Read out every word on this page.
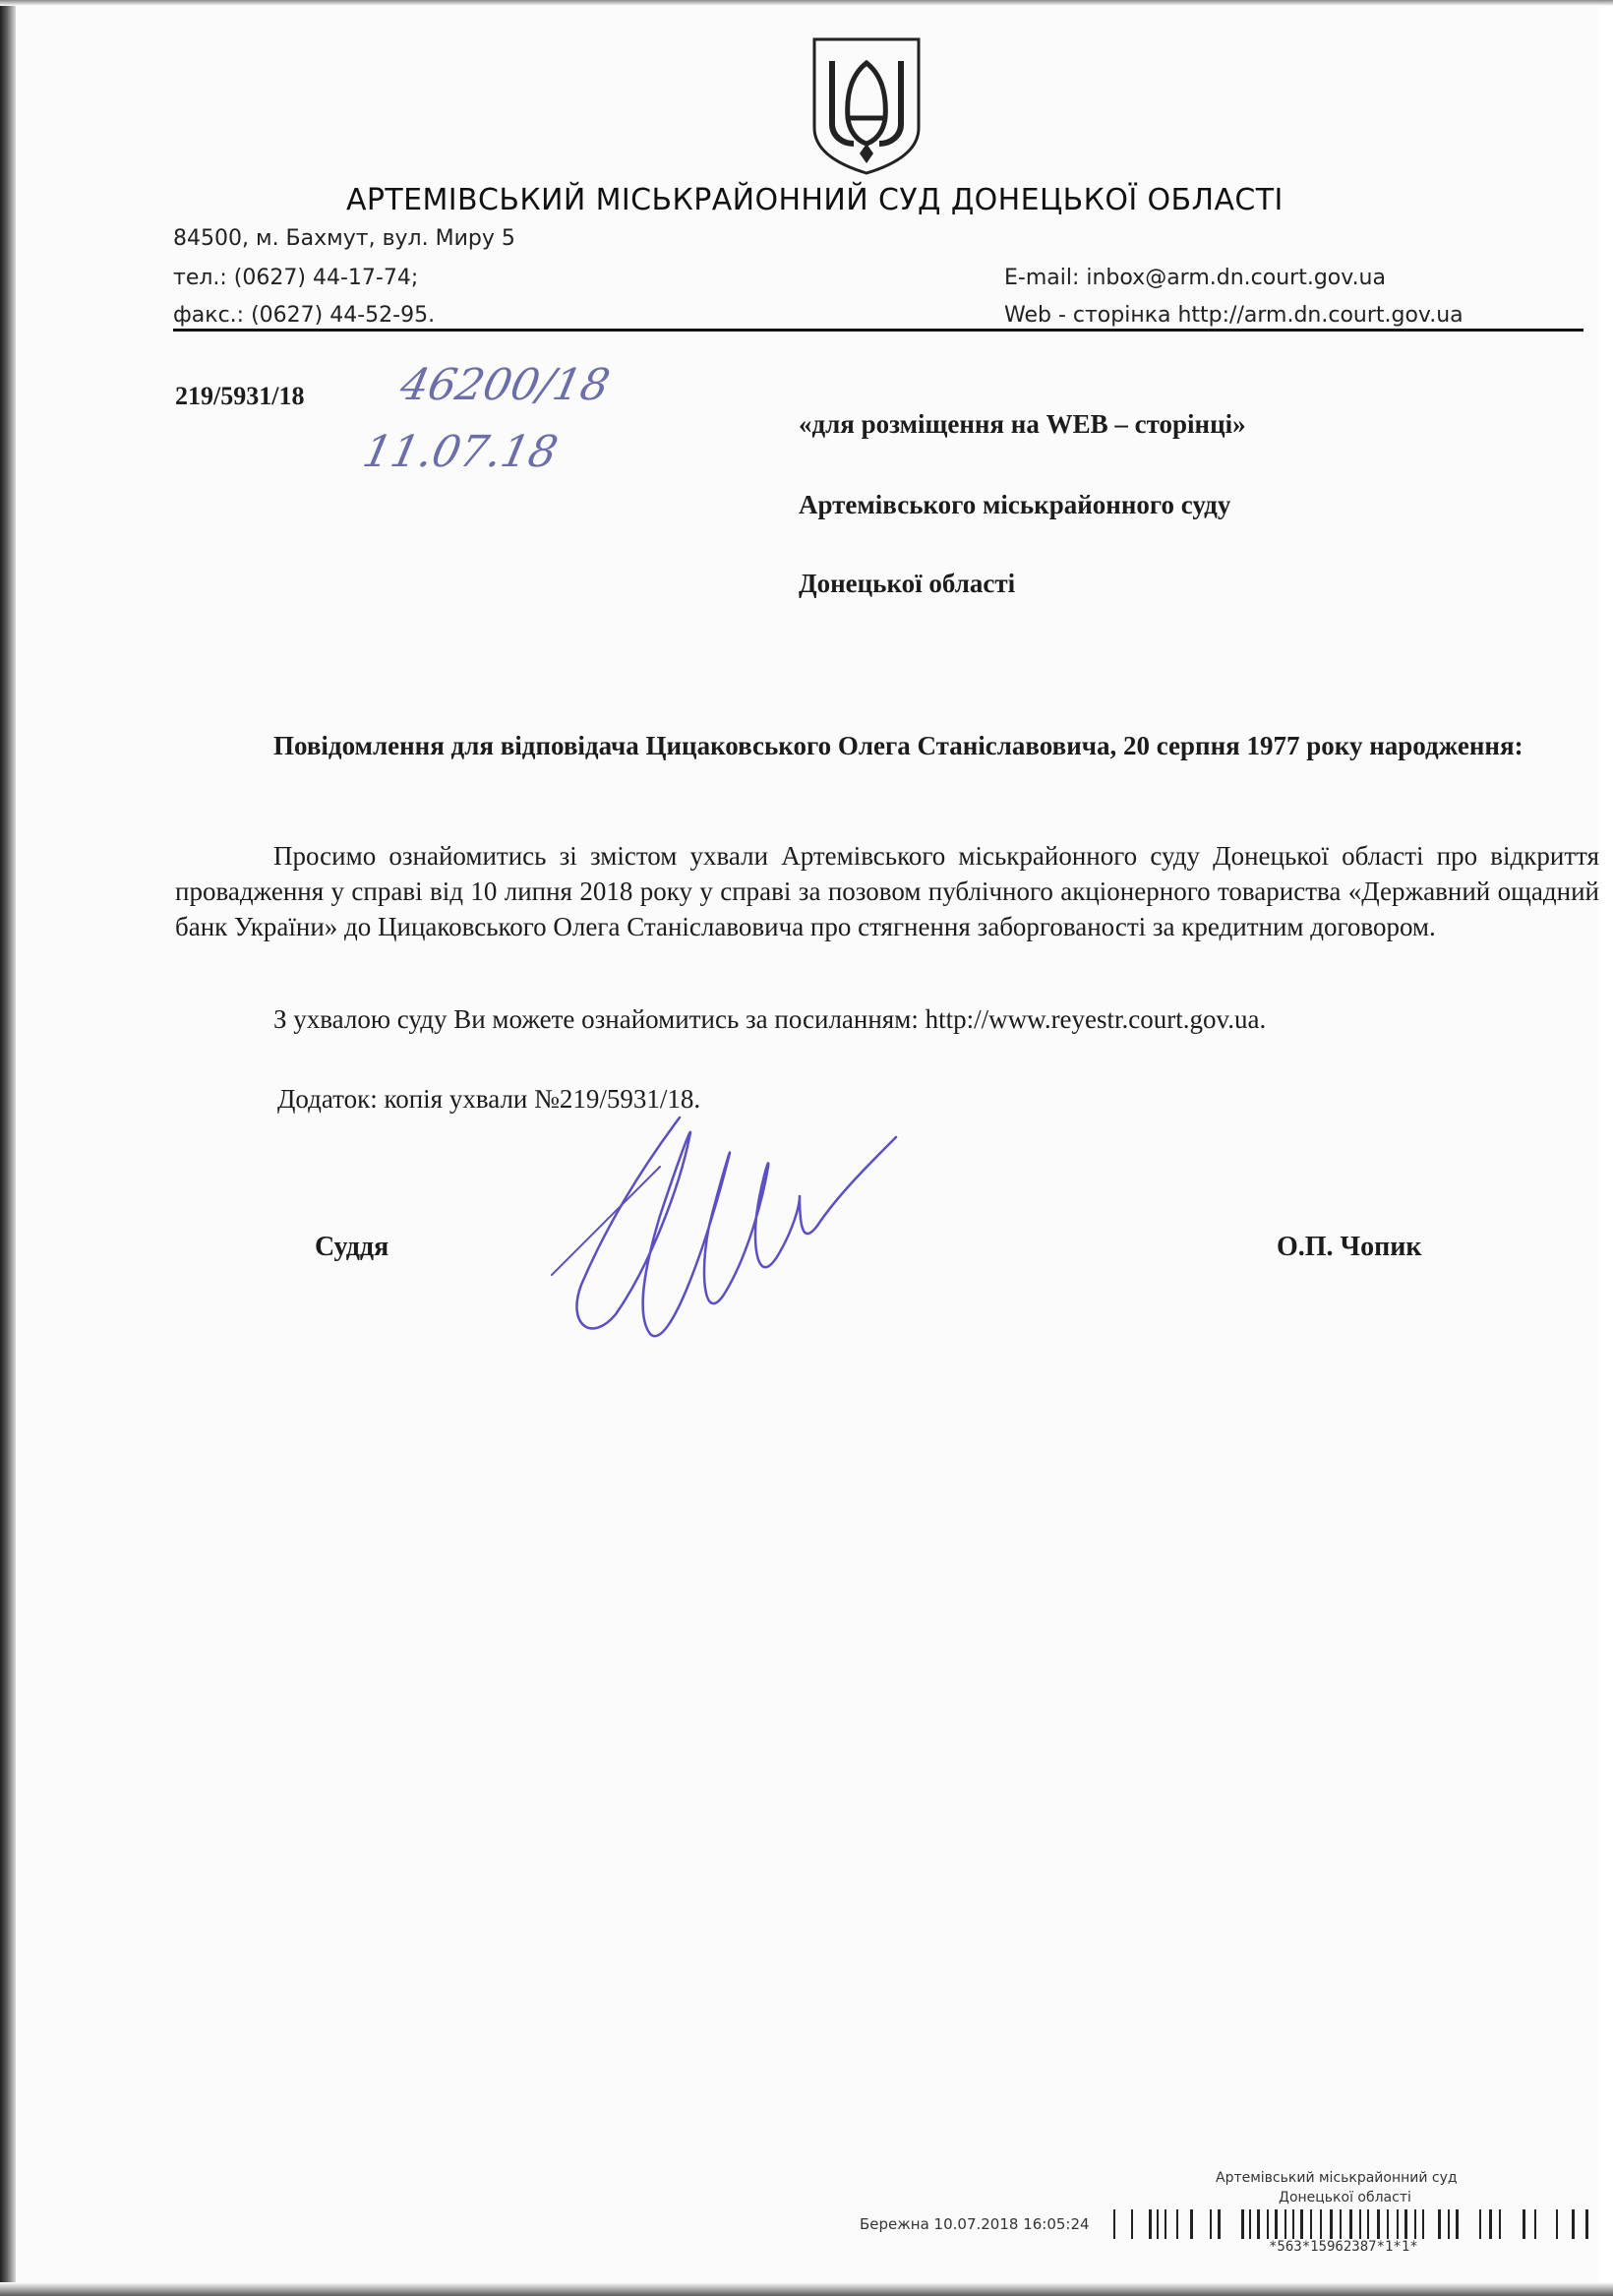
АРТЕМІВСЬКИЙ МІСЬКРАЙОННИЙ СУД ДОНЕЦЬКОЇ ОБЛАСТІ
84500, м. Бахмут, вул. Миру 5
тел.: (0627) 44-17-74;
факс.: (0627) 44-52-95.
E-mail: inbox@arm.dn.court.gov.ua
Web - сторінка http://arm.dn.court.gov.ua
219/5931/18 46200/18
11.07.18
«для розміщення на WEB – сторінці»
Артемівського міськрайонного суду
Донецької області
Повідомлення для відповідача Цицаковського Олега Станіславовича, 20 серпня 1977 року народження:
Просимо ознайомитись зі змістом ухвали Артемівського міськрайонного суду Донецької області про відкриття провадження у справі від 10 липня 2018 року у справі за позовом публічного акціонерного товариства «Державний ощадний банк України» до Цицаковського Олега Станіславовича про стягнення заборгованості за кредитним договором.
З ухвалою суду Ви можете ознайомитись за посиланням: http://www.reyestr.court.gov.ua.
Додаток: копія ухвали №219/5931/18.
Суддя	О.П. Чопик
Артемівський міськрайонний суд
Донецької області
Бережна 10.07.2018 16:05:24
*563*15962387*1*1*
